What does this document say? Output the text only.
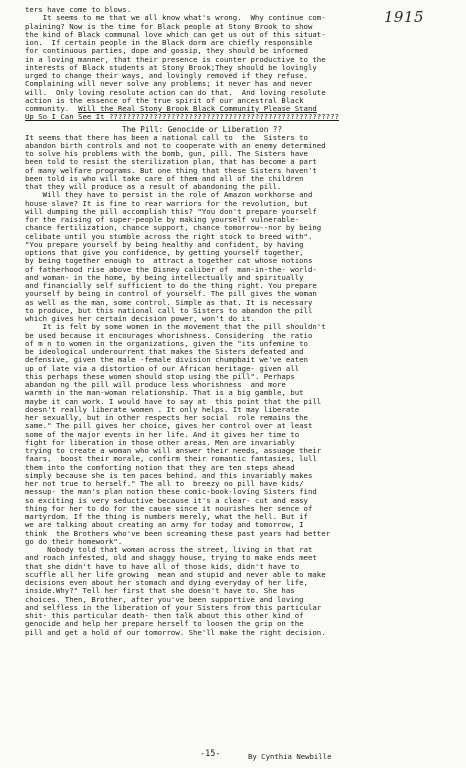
1915
ters have come to blows.
It seems to me that we all know what's wrong.  Why continue com-
plaining? Now is the time for Black people at Stony Brook to show
the kind of Black communal love which can get us out of this situat-
ion.  If certain people in the Black dorm are chiefly responsible
for continuous parties, dope and gossip, they should be informed
in a loving manner, that their presence is counter productive to the
interests of Black students at Stony Brook;They should be lovingly
urged to change their ways, and lovingly removed if they refuse.
Complaining will never solve any problems; it never has and never
will.  Only loving resolute action can do that.  And loving resolute
action is the essence of the true spirit of our ancestral Black
community.  Will the Real Stony Brook Black Community Please Stand
Up So I Can See It ????????????????????????????????????????????????????
The Pill: Genocide or Liberation ??
It seems that there has been a national call to  the  Sisters to
abandon birth controls and not to cooperate with an enemy determined
to solve his problems with the bomb, gun, pill. The Sisters have
been told to resist the sterilization plan, that has become a part
of many welfare programs. But one thing that these Sisters haven't
been told is who will take care of them and all of the children
that they will produce as a result of abandoning the pill.
Will they have to persist in the role of Amazon workhorse and
house slave? It is fine to rear warriors for the revolution, but
will dumping the pill accomplish this? "You don't prepare yourself
for the raising of super-people by making yourself vulnerable-
chance fertilization, chance support, chance tomorrow--nor by being
celibate until you stumble across the right stock to breed with".
"You prepare yourself by being healthy and confident, by having
options that give you confidence, by getting yourself together,
by being together enough to  attract a together cat whose notions
of fatherhood rise above the Disney caliber of  man-in-the- world-
and woman- in the home, by being intellectually and spiritually
and financially self sufficient to do the thing right. You prepare
yourself by being in control of yourself. The pill gives the woman
as well as the man, some control. Simple as that. It is necessary
to produce, but this national call to Sisters to abandon the pill
which gives her certain decision power, won't do it.
It is felt by some women in the movement that the pill shouldn't
be used because it encourages whorishness. Considering  the ratio
of m n to women in the organizations, given the "its unfemine to
be ideological underourrent that makes the Sisters defeated and
defensive, given the male -female division chumpbait we've eaten
up of late via a distortion of our African heritage- given all
this perhaps these women should stop using the pill". Perhaps
abandon ng the pill will produce less whorishness  and more
warmth in the man-woman relationship. That is a big gamble, but
maybe it can work. I would have to say at  this point that the pill
doesn't really liberate women . It only helps. It may liberate
her sexually, but in other respects her social  role remains the
same." The pill gives her choice, gives her control over at least
some of the major events in her life. And it gives her time to
fight for liberation in those other areas. Men are invariably
trying to create a woman who will answer their needs, assuage their
faars,  boost their morale, confirm their romantic fantasies, lull
them into the comforting notion that they are ten steps ahead
simply because she is ten paces behind. and this invariably makes
her not true to herself." The all to  breezy no pill have kids/
messup- the man's plan notion these comic-book-loving Sisters find
so exciting is very seductive because it's a clear- cut and easy
thing for her to do for the cause since it nourishes her sence of
martyrdom. If the thing is numbers merely, what the hell. But if
we are talking about creating an army for today and tomorrow, I
think  the Brothers who've been screaming these past years had better
go do their homework".
Nobody told that woman across the street, living in that rat
and roach infested, old and shaggy house, trying to make ends meet
that she didn't have to have all of those kids, didn't have to
scuffle all her life growing  mean and stupid and never able to make
decisions even about her stomach and dying everyday of her life,
inside.Why?" Tell her first that she doesn't have to. She has
choices. Then, Brother, after you've been supportive and loving
and selfless in the liberation of your Sisters from this particular
shit- this particular death- then talk about this other kind of
genocide and help her prepare herself to loosen the grip on the
pill and get a hold of our tomorrow. She'll make the right decision.
-15-	By Cynthia Newbille
